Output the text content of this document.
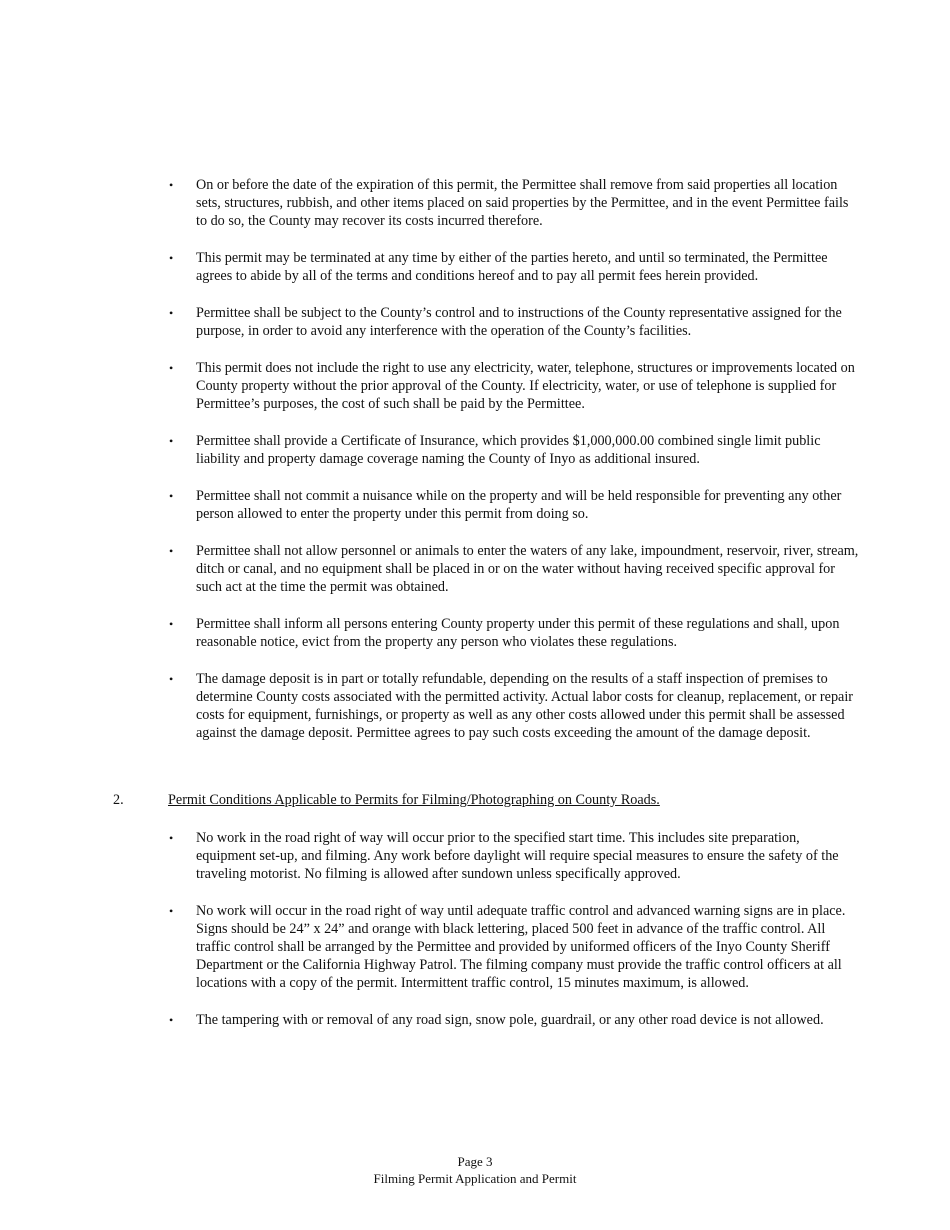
•	On or before the date of the expiration of this permit, the Permittee shall remove from said properties all location sets, structures, rubbish, and other items placed on said properties by the Permittee, and in the event Permittee fails to do so, the County may recover its costs incurred therefore.
•	This permit may be terminated at any time by either of the parties hereto, and until so terminated, the Permittee agrees to abide by all of the terms and conditions hereof and to pay all permit fees herein provided.
•	Permittee shall be subject to the County’s control and to instructions of the County representative assigned for the purpose, in order to avoid any interference with the operation of the County’s facilities.
•	This permit does not include the right to use any electricity, water, telephone, structures or improvements located on County property without the prior approval of the County. If electricity, water, or use of telephone is supplied for Permittee’s purposes, the cost of such shall be paid by the Permittee.
•	Permittee shall provide a Certificate of Insurance, which provides $1,000,000.00 combined single limit public liability and property damage coverage naming the County of Inyo as additional insured.
•	Permittee shall not commit a nuisance while on the property and will be held responsible for preventing any other person allowed to enter the property under this permit from doing so.
•	Permittee shall not allow personnel or animals to enter the waters of any lake, impoundment, reservoir, river, stream, ditch or canal, and no equipment shall be placed in or on the water without having received specific approval for such act at the time the permit was obtained.
•	Permittee shall inform all persons entering County property under this permit of these regulations and shall, upon reasonable notice, evict from the property any person who violates these regulations.
•	The damage deposit is in part or totally refundable, depending on the results of a staff inspection of premises to determine County costs associated with the permitted activity. Actual labor costs for cleanup, replacement, or repair costs for equipment, furnishings, or property as well as any other costs allowed under this permit shall be assessed against the damage deposit. Permittee agrees to pay such costs exceeding the amount of the damage deposit.
2.	Permit Conditions Applicable to Permits for Filming/Photographing on County Roads.
•	No work in the road right of way will occur prior to the specified start time. This includes site preparation, equipment set-up, and filming. Any work before daylight will require special measures to ensure the safety of the traveling motorist. No filming is allowed after sundown unless specifically approved.
•	No work will occur in the road right of way until adequate traffic control and advanced warning signs are in place. Signs should be 24” x 24” and orange with black lettering, placed 500 feet in advance of the traffic control. All traffic control shall be arranged by the Permittee and provided by uniformed officers of the Inyo County Sheriff Department or the California Highway Patrol. The filming company must provide the traffic control officers at all locations with a copy of the permit. Intermittent traffic control, 15 minutes maximum, is allowed.
•	The tampering with or removal of any road sign, snow pole, guardrail, or any other road device is not allowed.
Page 3
Filming Permit Application and Permit
